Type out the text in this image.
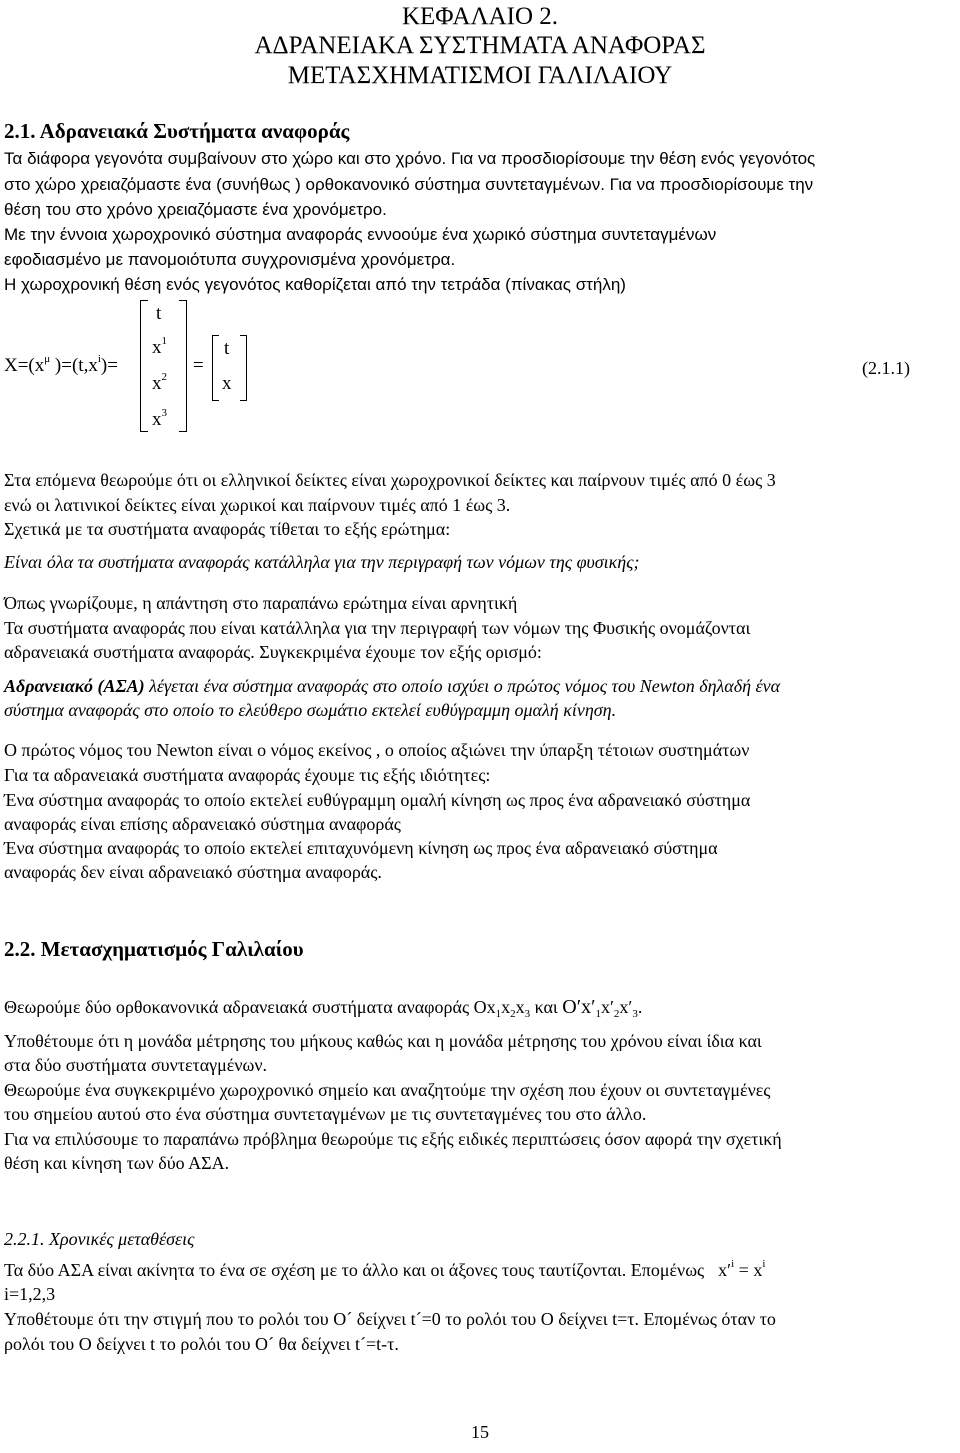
ΚΕΦΑΛΑΙΟ 2.
ΑΔΡΑΝΕΙΑΚΑ ΣΥΣΤΗΜΑΤΑ ΑΝΑΦΟΡΑΣ
ΜΕΤΑΣΧΗΜΑΤΙΣΜΟΙ ΓΑΛΙΛΑΙΟΥ
2.1. Αδρανειακά Συστήματα αναφοράς
Τα διάφορα γεγονότα συμβαίνουν στο χώρο και στο χρόνο. Για να προσδιορίσουμε την θέση ενός γεγονότος
στο χώρο χρειαζόμαστε ένα (συνήθως ) ορθοκανονικό σύστημα συντεταγμένων. Για να προσδιορίσουμε την
θέση του στο χρόνο χρειαζόμαστε ένα χρονόμετρο.
Με την έννοια χωροχρονικό σύστημα αναφοράς εννοούμε ένα χωρικό σύστημα συντεταγμένων
εφοδιασμένο με πανομοιότυπα συγχρονισμένα χρονόμετρα.
Η χωροχρονική θέση ενός γεγονότος καθορίζεται από την τετράδα (πίνακας στήλη)
$X=(x^\mu$ )$=(t,x^i)=$
t
$x^1$
$x^2$
$x^3$
=
t
x
(2.1.1)
Στα επόμενα θεωρούμε ότι οι ελληνικοί δείκτες είναι χωροχρονικοί δείκτες και παίρνουν τιμές από 0 έως 3
ενώ οι λατινικοί δείκτες είναι χωρικοί και παίρνουν τιμές από 1 έως 3.
Σχετικά με τα συστήματα αναφοράς τίθεται το εξής ερώτημα:
Είναι όλα τα συστήματα αναφοράς κατάλληλα για την περιγραφή των νόμων της φυσικής;
Όπως γνωρίζουμε, η απάντηση στο παραπάνω ερώτημα είναι αρνητική
Τα συστήματα αναφοράς που είναι κατάλληλα για την περιγραφή των νόμων της Φυσικής ονομάζονται
αδρανειακά συστήματα αναφοράς. Συγκεκριμένα έχουμε τον εξής ορισμό:
Αδρανειακό (ΑΣΑ) λέγεται ένα σύστημα αναφοράς στο οποίο ισχύει ο πρώτος νόμος του Newton δηλαδή ένα
σύστημα αναφοράς στο οποίο το ελεύθερο σωμάτιο εκτελεί ευθύγραμμη ομαλή κίνηση.
Ο πρώτος νόμος του Newton είναι ο νόμος εκείνος , ο οποίος αξιώνει την ύπαρξη τέτοιων συστημάτων
Για τα αδρανειακά συστήματα αναφοράς έχουμε τις εξής ιδιότητες:
Ένα σύστημα αναφοράς το οποίο εκτελεί ευθύγραμμη ομαλή κίνηση ως προς ένα αδρανειακό σύστημα
αναφοράς είναι επίσης αδρανειακό σύστημα αναφοράς
Ένα σύστημα αναφοράς το οποίο εκτελεί επιταχυνόμενη κίνηση ως προς ένα αδρανειακό σύστημα
αναφοράς δεν είναι αδρανειακό σύστημα αναφοράς.
2.2. Μετασχηματισμός Γαλιλαίου
Θεωρούμε δύο ορθοκανονικά αδρανειακά συστήματα αναφοράς $Ox_1x_2x_3$ και $O'x'_1x'_2x'_3$.
Υποθέτουμε ότι η μονάδα μέτρησης του μήκους καθώς και η μονάδα μέτρησης του χρόνου είναι ίδια και
στα δύο συστήματα συντεταγμένων.
Θεωρούμε ένα συγκεκριμένο χωροχρονικό σημείο και αναζητούμε την σχέση που έχουν οι συντεταγμένες
του σημείου αυτού στο ένα σύστημα συντεταγμένων με τις συντεταγμένες του στο άλλο.
Για να επιλύσουμε το παραπάνω πρόβλημα θεωρούμε τις εξής ειδικές περιπτώσεις όσον αφορά την σχετική
θέση και κίνηση των δύο ΑΣΑ.
2.2.1. Χρονικές μεταθέσεις
Τα δύο ΑΣΑ είναι ακίνητα το ένα σε σχέση με το άλλο και οι άξονες τους ταυτίζονται. Επομένως $x'^i = x^i$
i=1,2,3
Υποθέτουμε ότι την στιγμή που το ρολόι του Ο´ δείχνει t´=0 το ρολόι του Ο δείχνει t=τ. Επομένως όταν το
ρολόι του Ο δείχνει t το ρολόι του Ο´ θα δείχνει t´=t-τ.
15
